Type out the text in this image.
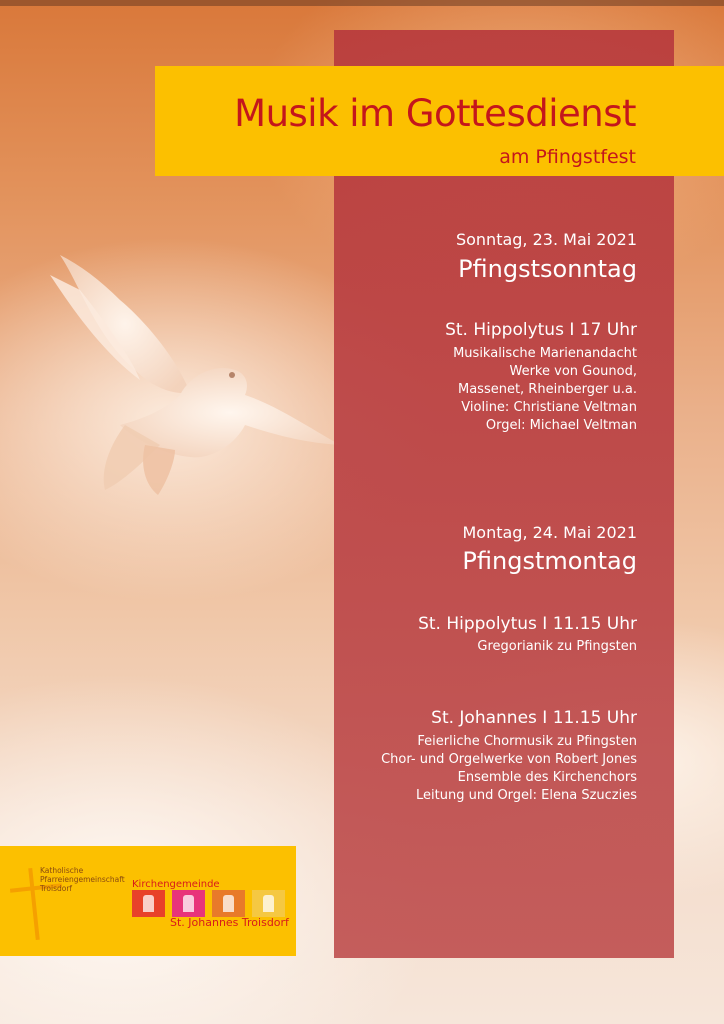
Musik im Gottesdienst
am Pfingstfest
Sonntag, 23. Mai 2021
Pfingstsonntag
St. Hippolytus I 17 Uhr
Musikalische Marienandacht
Werke von Gounod,
Massenet, Rheinberger u.a.
Violine: Christiane Veltman
Orgel: Michael Veltman
Montag, 24. Mai 2021
Pfingstmontag
St. Hippolytus I 11.15 Uhr
Gregorianik zu Pfingsten
St. Johannes I 11.15 Uhr
Feierliche Chormusik zu Pfingsten
Chor- und Orgelwerke von Robert Jones
Ensemble des Kirchenchors
Leitung und Orgel: Elena Szuczies
Katholische
Pfarreiengemeinschaft
Troisdorf	Kirchengemeinde
St. Johannes Troisdorf
